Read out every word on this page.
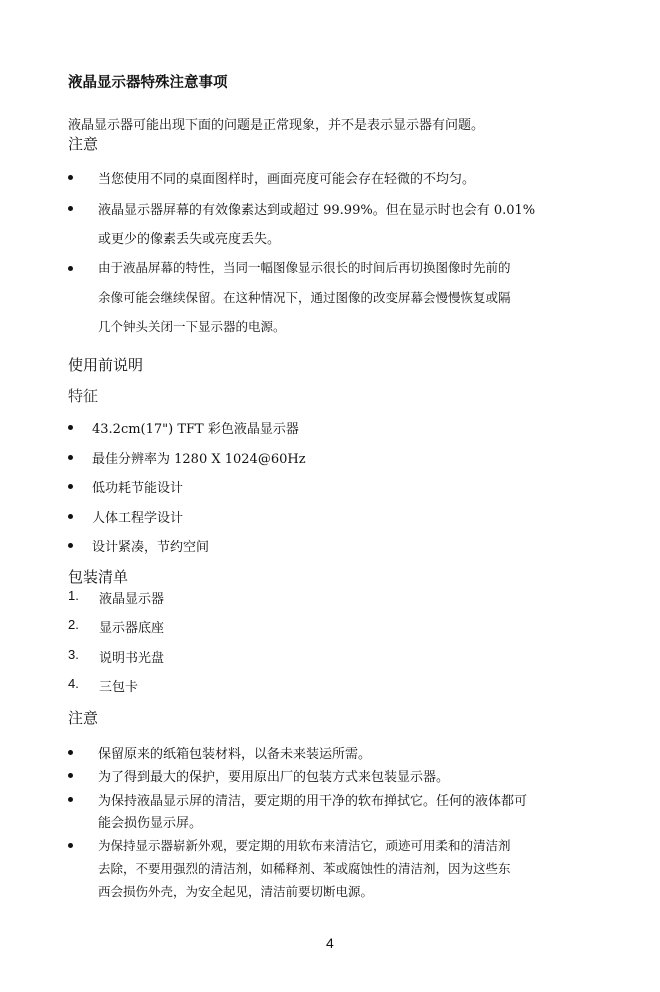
液晶显示器特殊注意事项
液晶显示器可能出现下面的问题是正常现象，并不是表示显示器有问题。
注意
当您使用不同的桌面图样时，画面亮度可能会存在轻微的不均匀。
液晶显示器屏幕的有效像素达到或超过 99.99%。但在显示时也会有 0.01%
或更少的像素丢失或亮度丢失。
由于液晶屏幕的特性，当同一幅图像显示很长的时间后再切换图像时先前的
余像可能会继续保留。在这种情况下，通过图像的改变屏幕会慢慢恢复或隔
几个钟头关闭一下显示器的电源。
使用前说明
特征
43.2cm(17") TFT 彩色液晶显示器
最佳分辨率为 1280 X 1024@60Hz
低功耗节能设计
人体工程学设计
设计紧凑，节约空间
包装清单
1. 液晶显示器
2. 显示器底座
3. 说明书光盘
4. 三包卡
注意
保留原来的纸箱包装材料，以备未来装运所需。
为了得到最大的保护，要用原出厂的包装方式来包装显示器。
为保持液晶显示屏的清洁，要定期的用干净的软布掸拭它。任何的液体都可
能会损伤显示屏。
为保持显示器崭新外观，要定期的用软布来清洁它，顽迹可用柔和的清洁剂
去除，不要用强烈的清洁剂，如稀释剂、苯或腐蚀性的清洁剂，因为这些东
西会损伤外壳，为安全起见，清洁前要切断电源。
4
